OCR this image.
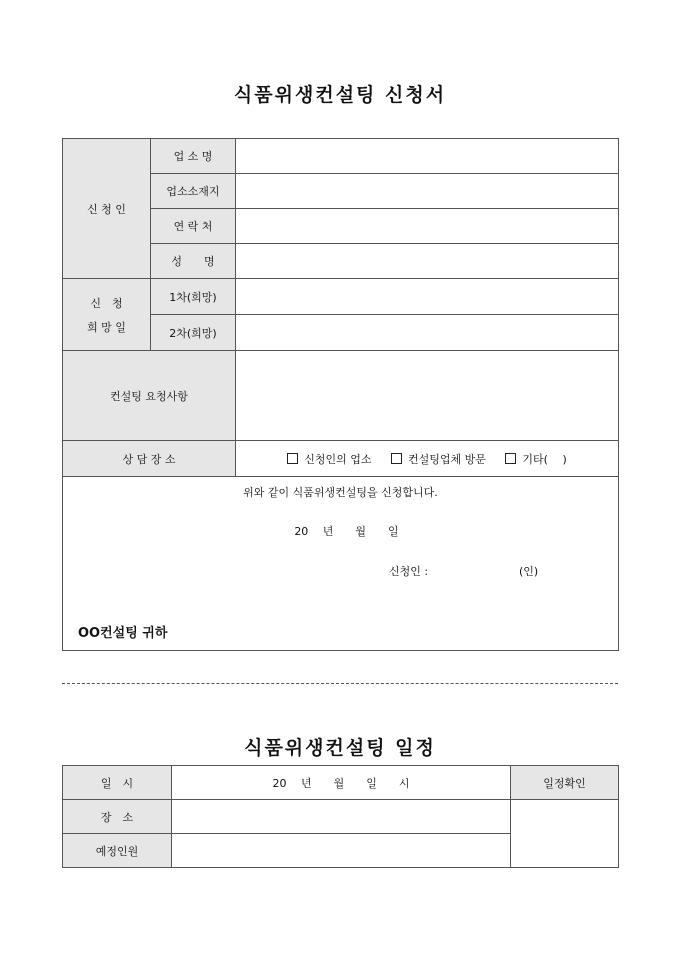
식품위생컨설팅 신청서
신 청 인	업 소 명	
	업소소재지	
	연 락 처	
	성　　명	

신　청
희 망 일	1차(희망)	
	2차(희망)	
컨설팅 요청사항		
상 담 장 소		신청인의 업소 컨설팅업체 방문 기타(　 )

위와 같이 식품위생컨설팅을 신청합니다.
20　 년　　월　　일
신청인 : (인)
OO컨설팅 귀하		
식품위생컨설팅 일정
일　시	20　 년　　월　　일　　시	일정확인
장　소		
예정인원		
